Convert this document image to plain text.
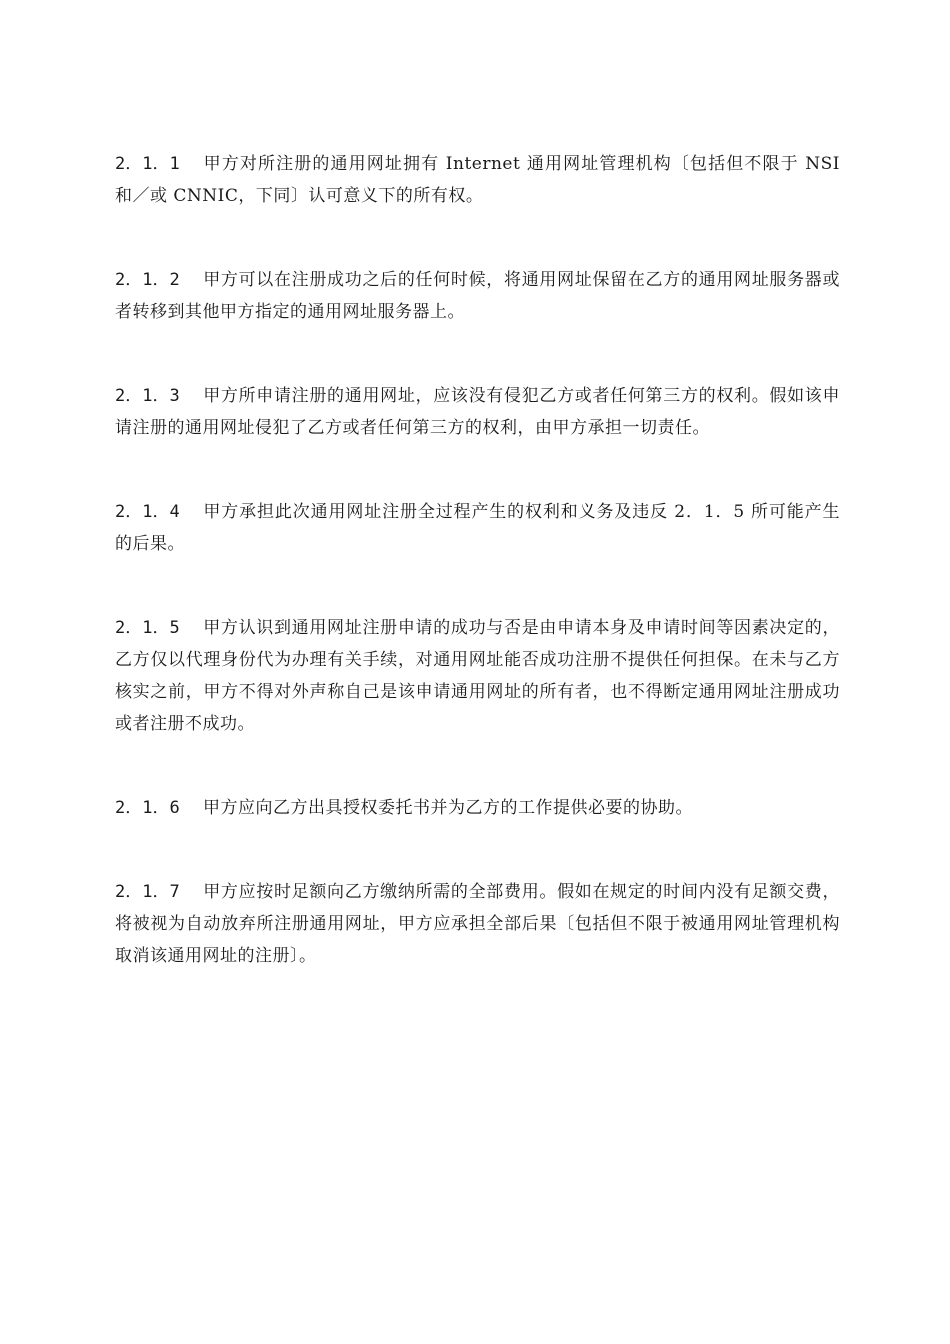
2．1．1 甲方对所注册的通用网址拥有 Internet 通用网址管理机构〔包括但不限于 NSI 和／或 CNNIC，下同〕认可意义下的所有权。

2．1．2 甲方可以在注册成功之后的任何时候，将通用网址保留在乙方的通用网址服务器或者转移到其他甲方指定的通用网址服务器上。

2．1．3 甲方所申请注册的通用网址，应该没有侵犯乙方或者任何第三方的权利。假如该申请注册的通用网址侵犯了乙方或者任何第三方的权利，由甲方承担一切责任。

2．1．4 甲方承担此次通用网址注册全过程产生的权利和义务及违反 2．1．5 所可能产生的后果。

2．1．5 甲方认识到通用网址注册申请的成功与否是由申请本身及申请时间等因素决定的，乙方仅以代理身份代为办理有关手续，对通用网址能否成功注册不提供任何担保。在未与乙方核实之前，甲方不得对外声称自己是该申请通用网址的所有者，也不得断定通用网址注册成功或者注册不成功。

2．1．6 甲方应向乙方出具授权委托书并为乙方的工作提供必要的协助。

2．1．7 甲方应按时足额向乙方缴纳所需的全部费用。假如在规定的时间内没有足额交费，将被视为自动放弃所注册通用网址，甲方应承担全部后果〔包括但不限于被通用网址管理机构取消该通用网址的注册〕。
